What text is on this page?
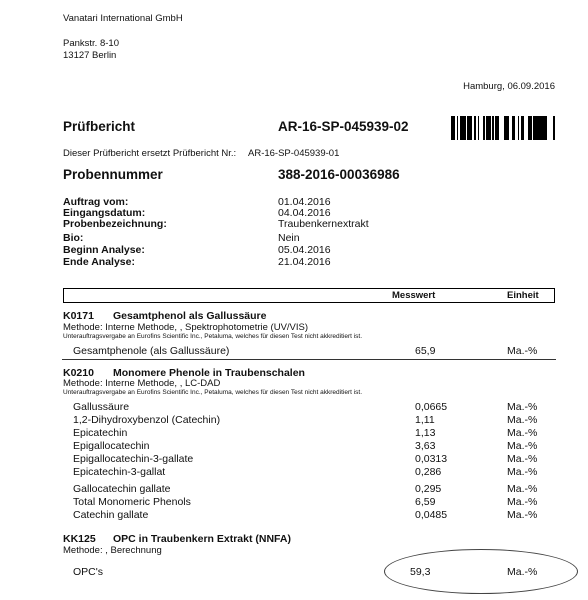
Vanatari International GmbH
Pankstr. 8-10
13127 Berlin
Hamburg, 06.09.2016
Prüfbericht	AR-16-SP-045939-02
Dieser Prüfbericht ersetzt Prüfbericht Nr.: AR-16-SP-045939-01
Probennummer	388-2016-00036986
Auftrag vom:	01.04.2016
Eingangsdatum:	04.04.2016
Probenbezeichnung:	Traubenkernextrakt
Bio:	Nein
Beginn Analyse:	05.04.2016
Ende Analyse:	21.04.2016
Messwert	Einheit
K0171 Gesamtphenol als Gallussäure
Methode: Interne Methode, , Spektrophotometrie (UV/VIS)
Unterauftragsvergabe an Eurofins Scientific Inc., Petaluma, welches für diesen Test nicht akkreditiert ist.
Gesamtphenole (als Gallussäure)	65,9	Ma.-%
K0210 Monomere Phenole in Traubenschalen
Methode: Interne Methode, , LC-DAD
Unterauftragsvergabe an Eurofins Scientific Inc., Petaluma, welches für diesen Test nicht akkreditiert ist.
Gallussäure	0,0665	Ma.-%
1,2-Dihydroxybenzol (Catechin)	1,11	Ma.-%
Epicatechin	1,13	Ma.-%
Epigallocatechin	3,63	Ma.-%
Epigallocatechin-3-gallate	0,0313	Ma.-%
Epicatechin-3-gallat	0,286	Ma.-%
Gallocatechin gallate	0,295	Ma.-%
Total Monomeric Phenols	6,59	Ma.-%
Catechin gallate	0,0485	Ma.-%
KK125 OPC in Traubenkern Extrakt (NNFA)
Methode: , Berechnung
OPC's	59,3	Ma.-%
